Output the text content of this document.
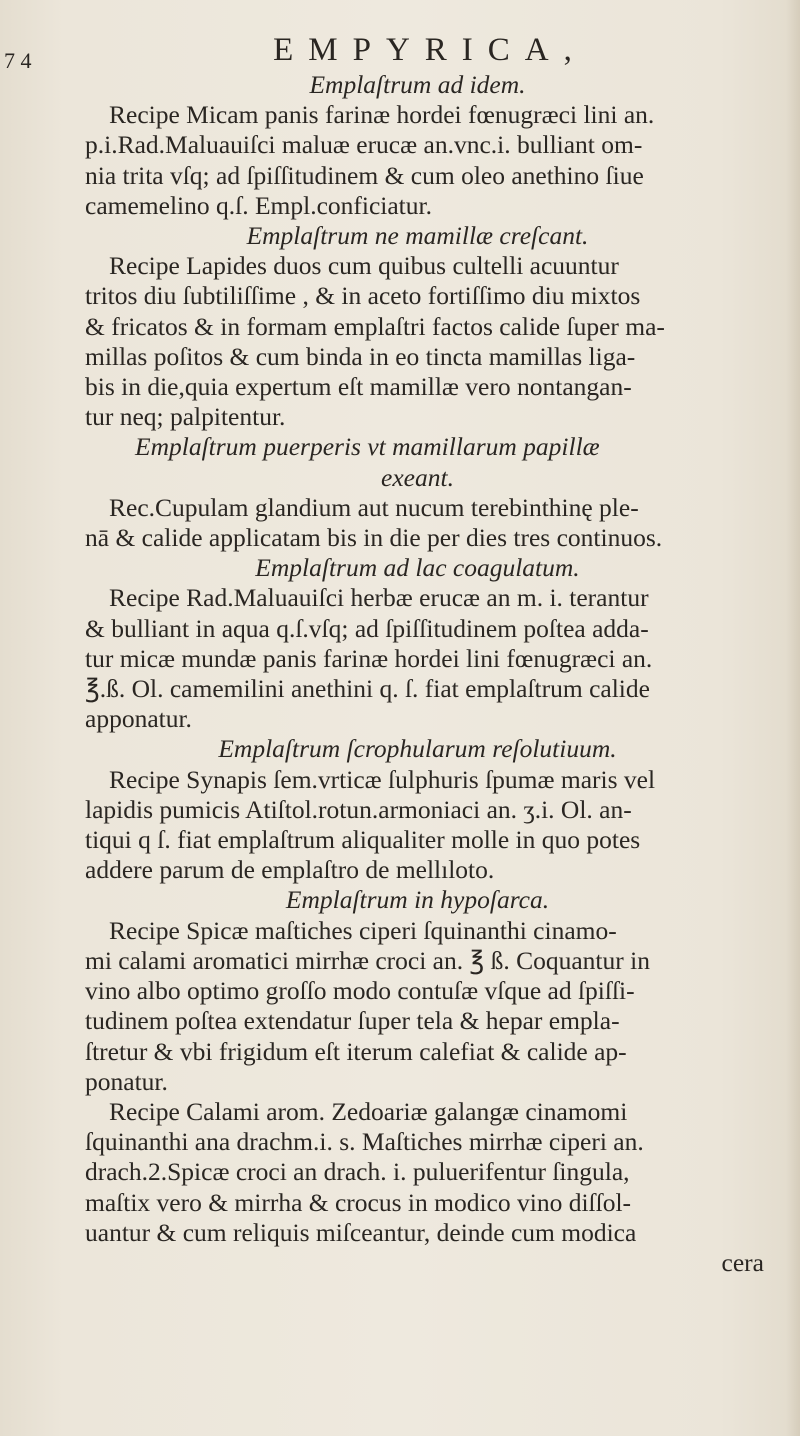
7 4	EMPYRICA,
Emplaſtrum ad idem.
Recipe Micam panis farinæ hordei fœnugræci lini an.
p.i.Rad.Maluauiſci maluæ erucæ an.vnc.i. bulliant om-
nia trita vſq; ad ſpiſſitudinem & cum oleo anethino ſiue
camemelino q.ſ. Empl.conficiatur.
Emplaſtrum ne mamillæ creſcant.
Recipe Lapides duos cum quibus cultelli acuuntur
tritos diu ſubtiliſſime , & in aceto fortiſſimo diu mixtos
& fricatos & in formam emplaſtri factos calide ſuper ma-
millas poſitos & cum binda in eo tincta mamillas liga-
bis in die,quia expertum eſt mamillæ vero nontangan-
tur neq; palpitentur.
Emplaſtrum puerperis vt mamillarum papillæ
exeant.
Rec.Cupulam glandium aut nucum terebinthinę ple-
nā & calide applicatam bis in die per dies tres continuos.
Emplaſtrum ad lac coagulatum.
Recipe Rad.Maluauiſci herbæ erucæ an m. i. terantur
& bulliant in aqua q.ſ.vſq; ad ſpiſſitudinem poſtea adda-
tur micæ mundæ panis farinæ hordei lini fœnugræci an.
℥.ß. Ol. camemilini anethini q. ſ. fiat emplaſtrum calide
apponatur.
Emplaſtrum ſcrophularum reſolutiuum.
Recipe Synapis ſem.vrticæ ſulphuris ſpumæ maris vel
lapidis pumicis Atiſtol.rotun.armoniaci an. ʒ.i. Ol. an-
tiqui q ſ. fiat emplaſtrum aliqualiter molle in quo potes
addere parum de emplaſtro de mellıloto.
Emplaſtrum in hypoſarca.
Recipe Spicæ maſtiches ciperi ſquinanthi cinamo-
mi calami aromatici mirrhæ croci an. ℥ ß. Coquantur in
vino albo optimo groſſo modo contuſæ vſque ad ſpiſſi-
tudinem poſtea extendatur ſuper tela & hepar empla-
ſtretur & vbi frigidum eſt iterum calefiat & calide ap-
ponatur.
Recipe Calami arom. Zedoariæ galangæ cinamomi
ſquinanthi ana drachm.i. s. Maſtiches mirrhæ ciperi an.
drach.2.Spicæ croci an drach. i. puluerifentur ſingula,
maſtix vero & mirrha & crocus in modico vino diſſol-
uantur & cum reliquis miſceantur, deinde cum modica
cera
